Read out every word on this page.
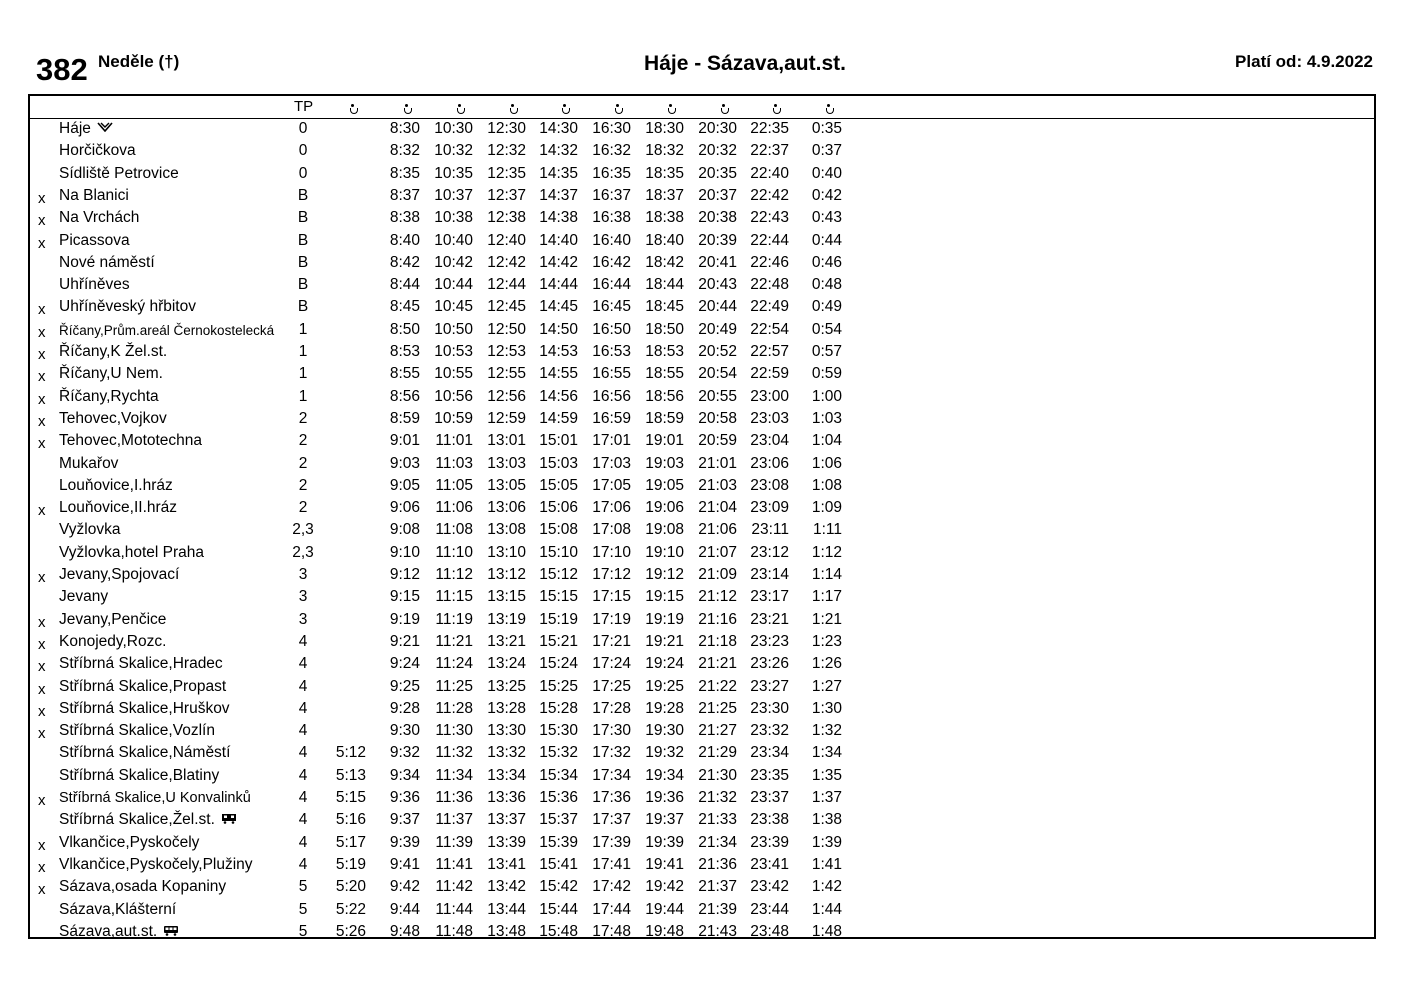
382 Neděle (†)	Háje - Sázava,aut.st.	Platí od: 4.9.2022
TP
Háje	0	8:30 10:30 12:30 14:30 16:30 18:30 20:30 22:35	0:35
Horčičkova	0	8:32 10:32 12:32 14:32 16:32 18:32 20:32 22:37	0:37
Sídliště Petrovice	0	8:35 10:35 12:35 14:35 16:35 18:35 20:35 22:40	0:40
x Na Blanici	B	8:37 10:37 12:37 14:37 16:37 18:37 20:37 22:42	0:42
x Na Vrchách	B	8:38 10:38 12:38 14:38 16:38 18:38 20:38 22:43	0:43
x Picassova	B	8:40 10:40 12:40 14:40 16:40 18:40 20:39 22:44	0:44
Nové náměstí	B	8:42 10:42 12:42 14:42 16:42 18:42 20:41 22:46	0:46
Uhříněves	B	8:44 10:44 12:44 14:44 16:44 18:44 20:43 22:48	0:48
x Uhříněveský hřbitov	B	8:45 10:45 12:45 14:45 16:45 18:45 20:44 22:49	0:49
x Říčany,Prům.areál Černokostelecká	1	8:50 10:50 12:50 14:50 16:50 18:50 20:49 22:54	0:54
x Říčany,K Žel.st.	1	8:53 10:53 12:53 14:53 16:53 18:53 20:52 22:57	0:57
x Říčany,U Nem.	1	8:55 10:55 12:55 14:55 16:55 18:55 20:54 22:59	0:59
x Říčany,Rychta	1	8:56 10:56 12:56 14:56 16:56 18:56 20:55 23:00	1:00
x Tehovec,Vojkov	2	8:59 10:59 12:59 14:59 16:59 18:59 20:58 23:03	1:03
x Tehovec,Mototechna	2	9:01 11:01 13:01 15:01 17:01 19:01 20:59 23:04	1:04
Mukařov	2	9:03 11:03 13:03 15:03 17:03 19:03 21:01 23:06	1:06
Louňovice,I.hráz	2	9:05 11:05 13:05 15:05 17:05 19:05 21:03 23:08	1:08
x Louňovice,II.hráz	2	9:06 11:06 13:06 15:06 17:06 19:06 21:04 23:09	1:09
Vyžlovka	2,3	9:08 11:08 13:08 15:08 17:08 19:08 21:06 23:11	1:11
Vyžlovka,hotel Praha	2,3	9:10 11:10 13:10 15:10 17:10 19:10 21:07 23:12	1:12
x Jevany,Spojovací	3	9:12 11:12 13:12 15:12 17:12 19:12 21:09 23:14	1:14
Jevany	3	9:15 11:15 13:15 15:15 17:15 19:15 21:12 23:17	1:17
x Jevany,Penčice	3	9:19 11:19 13:19 15:19 17:19 19:19 21:16 23:21	1:21
x Konojedy,Rozc.	4	9:21 11:21 13:21 15:21 17:21 19:21 21:18 23:23	1:23
x Stříbrná Skalice,Hradec	4	9:24 11:24 13:24 15:24 17:24 19:24 21:21 23:26	1:26
x Stříbrná Skalice,Propast	4	9:25 11:25 13:25 15:25 17:25 19:25 21:22 23:27	1:27
x Stříbrná Skalice,Hruškov	4	9:28 11:28 13:28 15:28 17:28 19:28 21:25 23:30	1:30
x Stříbrná Skalice,Vozlín	4	9:30 11:30 13:30 15:30 17:30 19:30 21:27 23:32	1:32
Stříbrná Skalice,Náměstí	4	5:12	9:32 11:32 13:32 15:32 17:32 19:32 21:29 23:34	1:34
Stříbrná Skalice,Blatiny	4	5:13	9:34 11:34 13:34 15:34 17:34 19:34 21:30 23:35	1:35
x Stříbrná Skalice,U Konvalinků	4	5:15	9:36 11:36 13:36 15:36 17:36 19:36 21:32 23:37	1:37
Stříbrná Skalice,Žel.st.	4	5:16	9:37 11:37 13:37 15:37 17:37 19:37 21:33 23:38	1:38
x Vlkančice,Pyskočely	4	5:17	9:39 11:39 13:39 15:39 17:39 19:39 21:34 23:39	1:39
x Vlkančice,Pyskočely,Plužiny	4	5:19	9:41 11:41 13:41 15:41 17:41 19:41 21:36 23:41	1:41
x Sázava,osada Kopaniny	5	5:20	9:42 11:42 13:42 15:42 17:42 19:42 21:37 23:42	1:42
Sázava,Klášterní	5	5:22	9:44 11:44 13:44 15:44 17:44 19:44 21:39 23:44	1:44
Sázava,aut.st.	5	5:26	9:48 11:48 13:48 15:48 17:48 19:48 21:43 23:48	1:48
